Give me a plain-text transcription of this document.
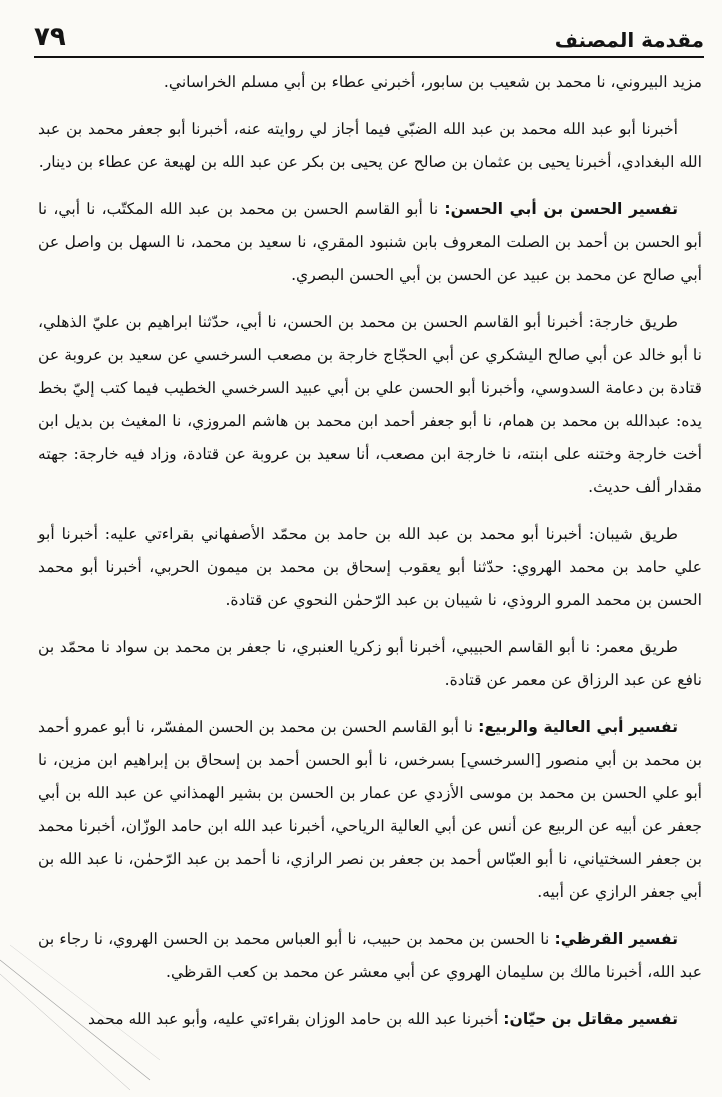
مقدمة المصنف
٧٩

مزيد البيروني، نا محمد بن شعيب بن سابور، أخبرني عطاء بن أبي مسلم الخراساني.

أخبرنا أبو عبد الله محمد بن عبد الله الضبّي فيما أجاز لي روايته عنه، أخبرنا أبو جعفر محمد بن عبد الله البغدادي، أخبرنا يحيى بن عثمان بن صالح عن يحيى بن بكر عن عبد الله بن لهيعة عن عطاء بن دينار.

تفسير الحسن بن أبي الحسن: نا أبو القاسم الحسن بن محمد بن عبد الله المكتّب، نا أبي، نا أبو الحسن بن أحمد بن الصلت المعروف بابن شنبود المقري، نا سعيد بن محمد، نا السهل بن واصل عن أبي صالح عن محمد بن عبيد عن الحسن بن أبي الحسن البصري.

طريق خارجة: أخبرنا أبو القاسم الحسن بن محمد بن الحسن، نا أبي، حدّثنا ابراهيم بن عليّ الذهلي، نا أبو خالد عن أبي صالح اليشكري عن أبي الحجّاج خارجة بن مصعب السرخسي عن سعيد بن عروبة عن قتادة بن دعامة السدوسي، وأخبرنا أبو الحسن علي بن أبي عبيد السرخسي الخطيب فيما كتب إليّ بخط يده: عبدالله بن محمد بن همام، نا أبو جعفر أحمد ابن محمد بن هاشم المروزي، نا المغيث بن بديل ابن أخت خارجة وختنه على ابنته، نا خارجة ابن مصعب، أنا سعيد بن عروبة عن قتادة، وزاد فيه خارجة: جهته مقدار ألف حديث.

طريق شيبان: أخبرنا أبو محمد بن عبد الله بن حامد بن محمّد الأصفهاني بقراءتي عليه: أخبرنا أبو علي حامد بن محمد الهروي: حدّثنا أبو يعقوب إسحاق بن محمد بن ميمون الحربي، أخبرنا أبو محمد الحسن بن محمد المرو الروذي، نا شيبان بن عبد الرّحمٰن النحوي عن قتادة.

طريق معمر: نا أبو القاسم الحبيبي، أخبرنا أبو زكريا العنبري، نا جعفر بن محمد بن سواد نا محمّد بن نافع عن عبد الرزاق عن معمر عن قتادة.

تفسير أبي العالية والربيع: نا أبو القاسم الحسن بن محمد بن الحسن المفسّر، نا أبو عمرو أحمد بن محمد بن أبي منصور [السرخسي] بسرخس، نا أبو الحسن أحمد بن إسحاق بن إبراهيم ابن مزين، نا أبو علي الحسن بن محمد بن موسى الأزدي عن عمار بن الحسن بن بشير الهمذاني عن عبد الله بن أبي جعفر عن أبيه عن الربيع عن أنس عن أبي العالية الرياحي، أخبرنا عبد الله ابن حامد الوزّان، أخبرنا محمد بن جعفر السختياني، نا أبو العبّاس أحمد بن جعفر بن نصر الرازي، نا أحمد بن عبد الرّحمٰن، نا عبد الله بن أبي جعفر الرازي عن أبيه.

تفسير القرظي: نا الحسن بن محمد بن حبيب، نا أبو العباس محمد بن الحسن الهروي، نا رجاء بن عبد الله، أخبرنا مالك بن سليمان الهروي عن أبي معشر عن محمد بن كعب القرظي.

تفسير مقاتل بن حيّان: أخبرنا عبد الله بن حامد الوزان بقراءتي عليه، وأبو عبد الله محمد
